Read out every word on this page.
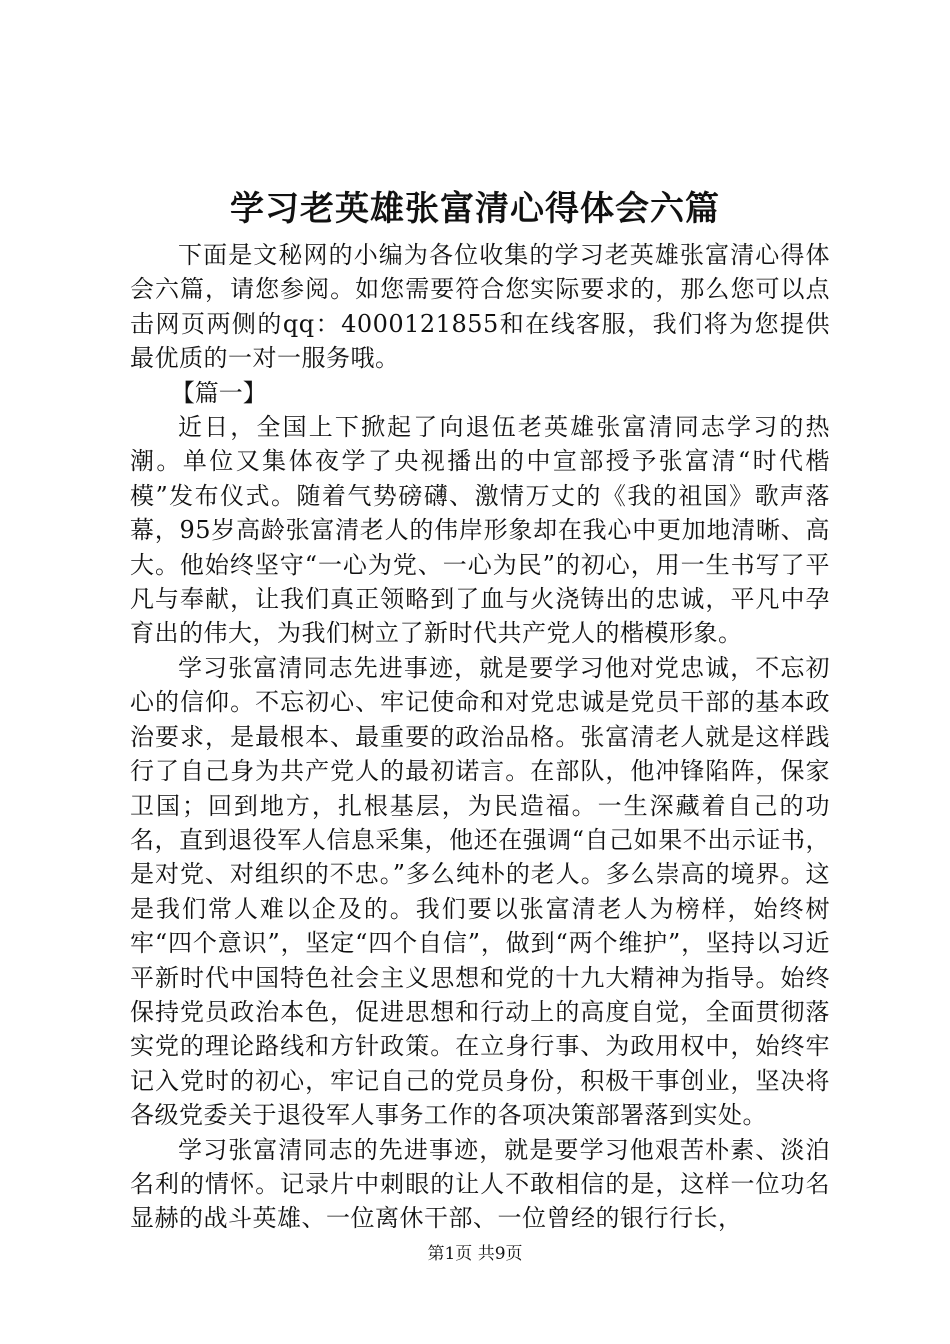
学习老英雄张富清心得体会六篇

下面是文秘网的小编为各位收集的学习老英雄张富清心得体会六篇，请您参阅。如您需要符合您实际要求的，那么您可以点击网页两侧的qq：4000121855和在线客服，我们将为您提供最优质的一对一服务哦。

【篇一】

近日，全国上下掀起了向退伍老英雄张富清同志学习的热潮。单位又集体夜学了央视播出的中宣部授予张富清“时代楷模”发布仪式。随着气势磅礴、激情万丈的《我的祖国》歌声落幕，95岁高龄张富清老人的伟岸形象却在我心中更加地清晰、高大。他始终坚守“一心为党、一心为民”的初心，用一生书写了平凡与奉献，让我们真正领略到了血与火浇铸出的忠诚，平凡中孕育出的伟大，为我们树立了新时代共产党人的楷模形象。

学习张富清同志先进事迹，就是要学习他对党忠诚，不忘初心的信仰。不忘初心、牢记使命和对党忠诚是党员干部的基本政治要求，是最根本、最重要的政治品格。张富清老人就是这样践行了自己身为共产党人的最初诺言。在部队，他冲锋陷阵，保家卫国；回到地方，扎根基层，为民造福。一生深藏着自己的功名，直到退役军人信息采集，他还在强调“自己如果不出示证书，是对党、对组织的不忠。”多么纯朴的老人。多么崇高的境界。这是我们常人难以企及的。我们要以张富清老人为榜样，始终树牢“四个意识”，坚定“四个自信”，做到“两个维护”，坚持以习近平新时代中国特色社会主义思想和党的十九大精神为指导。始终保持党员政治本色，促进思想和行动上的高度自觉，全面贯彻落实党的理论路线和方针政策。在立身行事、为政用权中，始终牢记入党时的初心，牢记自己的党员身份，积极干事创业，坚决将各级党委关于退役军人事务工作的各项决策部署落到实处。

学习张富清同志的先进事迹，就是要学习他艰苦朴素、淡泊名利的情怀。记录片中刺眼的让人不敢相信的是，这样一位功名显赫的战斗英雄、一位离休干部、一位曾经的银行行长，

第1页 共9页
